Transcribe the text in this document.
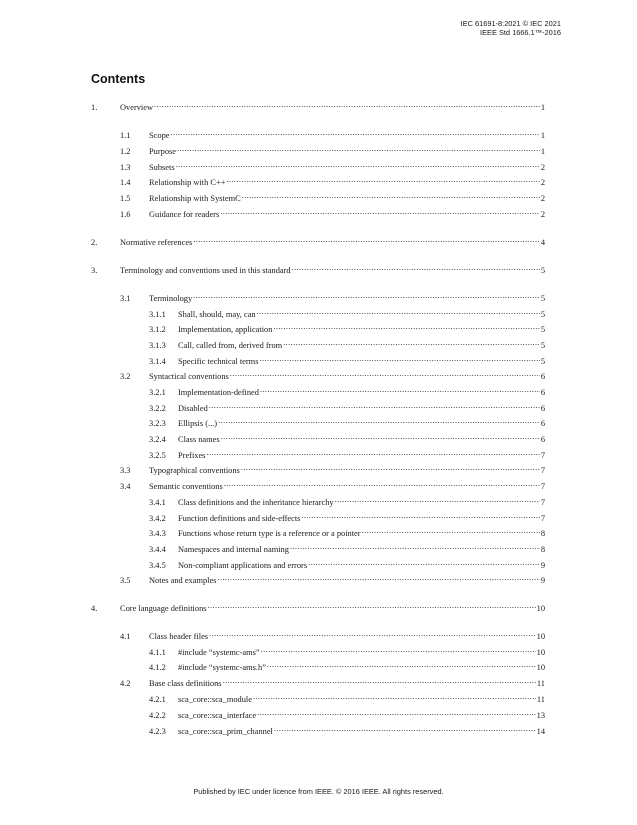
IEC 61691-8:2021 © IEC 2021
IEEE Std 1666.1™-2016
Contents
1.	Overview .....	1
1.1	Scope .....	1
1.2	Purpose .....	1
1.3	Subsets .....	2
1.4	Relationship with C++ .....	2
1.5	Relationship with SystemC .....	2
1.6	Guidance for readers .....	2
2.	Normative references .....	4
3.	Terminology and conventions used in this standard .....	5
3.1	Terminology .....	5
3.1.1	Shall, should, may, can .....	5
3.1.2	Implementation, application .....	5
3.1.3	Call, called from, derived from .....	5
3.1.4	Specific technical terms .....	5
3.2	Syntactical conventions .....	6
3.2.1	Implementation-defined .....	6
3.2.2	Disabled .....	6
3.2.3	Ellipsis (...) .....	6
3.2.4	Class names .....	6
3.2.5	Prefixes .....	7
3.3	Typographical conventions .....	7
3.4	Semantic conventions .....	7
3.4.1	Class definitions and the inheritance hierarchy .....	7
3.4.2	Function definitions and side-effects .....	7
3.4.3	Functions whose return type is a reference or a pointer .....	8
3.4.4	Namespaces and internal naming .....	8
3.4.5	Non-compliant applications and errors .....	9
3.5	Notes and examples .....	9
4.	Core language definitions .....	10
4.1	Class header files .....	10
4.1.1	#include “systemc-ams” .....	10
4.1.2	#include “systemc-ams.h” .....	10
4.2	Base class definitions .....	11
4.2.1	sca_core::sca_module .....	11
4.2.2	sca_core::sca_interface .....	13
4.2.3	sca_core::sca_prim_channel .....	14
Published by IEC under licence from IEEE. © 2016 IEEE. All rights reserved.
